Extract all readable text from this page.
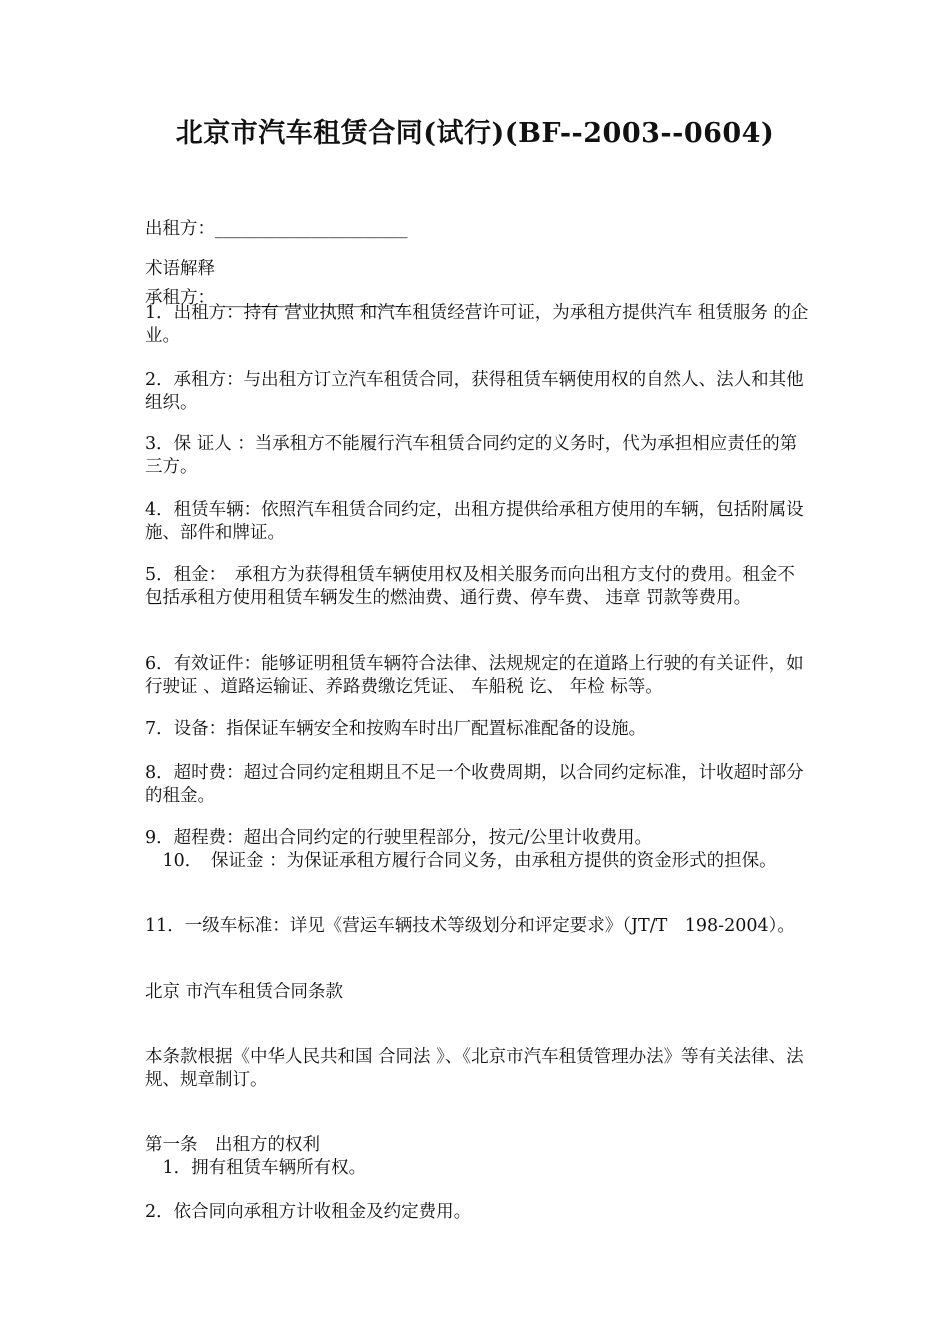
北京市汽车租赁合同(试行)(BF--2003--0604)

出租方：______________________

承租方：______________________

术语解释
1．出租方：持有 营业执照 和汽车租赁经营许可证，为承租方提供汽车 租赁服务 的企业。
2．承租方：与出租方订立汽车租赁合同，获得租赁车辆使用权的自然人、法人和其他组织。
3．保 证人 ：当承租方不能履行汽车租赁合同约定的义务时，代为承担相应责任的第三方。
4．租赁车辆：依照汽车租赁合同约定，出租方提供给承租方使用的车辆，包括附属设施、部件和牌证。
5．租金：　承租方为获得租赁车辆使用权及相关服务而向出租方支付的费用。租金不包括承租方使用租赁车辆发生的燃油费、通行费、停车费、 违章 罚款等费用。
6．有效证件：能够证明租赁车辆符合法律、法规规定的在道路上行驶的有关证件，如 行驶证 、道路运输证、养路费缴讫凭证、 车船税 讫、 年检 标等。
7．设备：指保证车辆安全和按购车时出厂配置标准配备的设施。
8．超时费：超过合同约定租期且不足一个收费周期，以合同约定标准，计收超时部分的租金。
9．超程费：超出合同约定的行驶里程部分，按元/公里计收费用。
　10．　保证金 ：为保证承租方履行合同义务，由承租方提供的资金形式的担保。
11．一级车标准：详见《营运车辆技术等级划分和评定要求》（JT/T　198-2004）。
北京 市汽车租赁合同条款
本条款根据《中华人民共和国 合同法 》、《北京市汽车租赁管理办法》等有关法律、法规、规章制订。
第一条　出租方的权利
　1．拥有租赁车辆所有权。
2．依合同向承租方计收租金及约定费用。
